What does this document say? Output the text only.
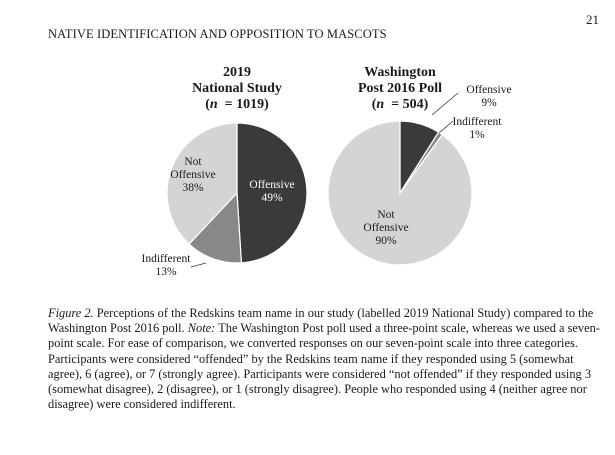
21
NATIVE IDENTIFICATION AND OPPOSITION TO MASCOTS
2019
National Study
(n  = 1019)
Offensive 49%
Indifferent 13%
Not Offensive 38%
Washington
Post 2016 Poll
(n  = 504)
Offensive 9%
Indifferent 1%
Not Offensive 90%
Figure 2. Perceptions of the Redskins team name in our study (labelled 2019 National Study) compared to the Washington Post 2016 poll. Note: The Washington Post poll used a three-point scale, whereas we used a seven-point scale. For ease of comparison, we converted responses on our seven-point scale into three categories. Participants were considered “offended” by the Redskins team name if they responded using 5 (somewhat agree), 6 (agree), or 7 (strongly agree). Participants were considered “not offended” if they responded using 3 (somewhat disagree), 2 (disagree), or 1 (strongly disagree). People who responded using 4 (neither agree nor disagree) were considered indifferent.
